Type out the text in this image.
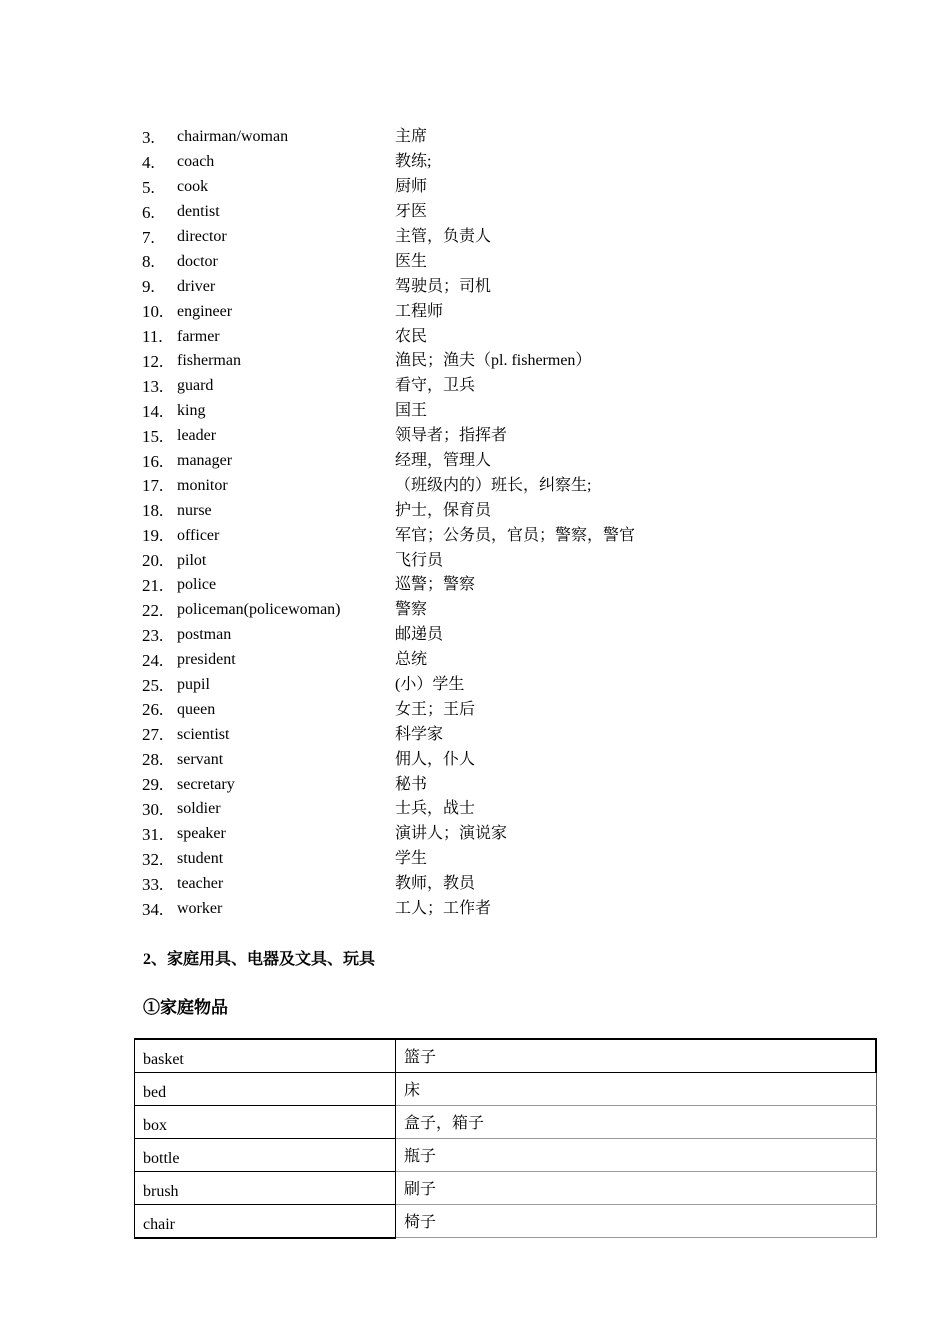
3.	chairman/woman	主席
4.	coach	教练;
5.	cook	厨师
6.	dentist	牙医
7.	director	主管，负责人
8.	doctor	医生
9.	driver	驾驶员；司机
10. engineer	工程师
11. farmer	农民
12. fisherman	渔民；渔夫（pl. fishermen）
13. guard	看守，卫兵
14. king	国王
15. leader	领导者；指挥者
16. manager	经理，管理人
17. monitor	（班级内的）班长，纠察生;
18. nurse	护士，保育员
19. officer	军官；公务员，官员；警察，警官
20. pilot	飞行员
21. police	巡警；警察
22. policeman(policewoman)	警察
23. postman	邮递员
24. president	总统
25. pupil	(小）学生
26. queen	女王；王后
27. scientist	科学家
28. servant	佣人，仆人
29. secretary	秘书
30. soldier	士兵，战士
31. speaker	演讲人；演说家
32. student	学生
33. teacher	教师，教员
34. worker	工人；工作者
2、家庭用具、电器及文具、玩具
①家庭物品
basket	篮子
bed	床
box	盒子，箱子
bottle	瓶子
brush	刷子
chair	椅子
